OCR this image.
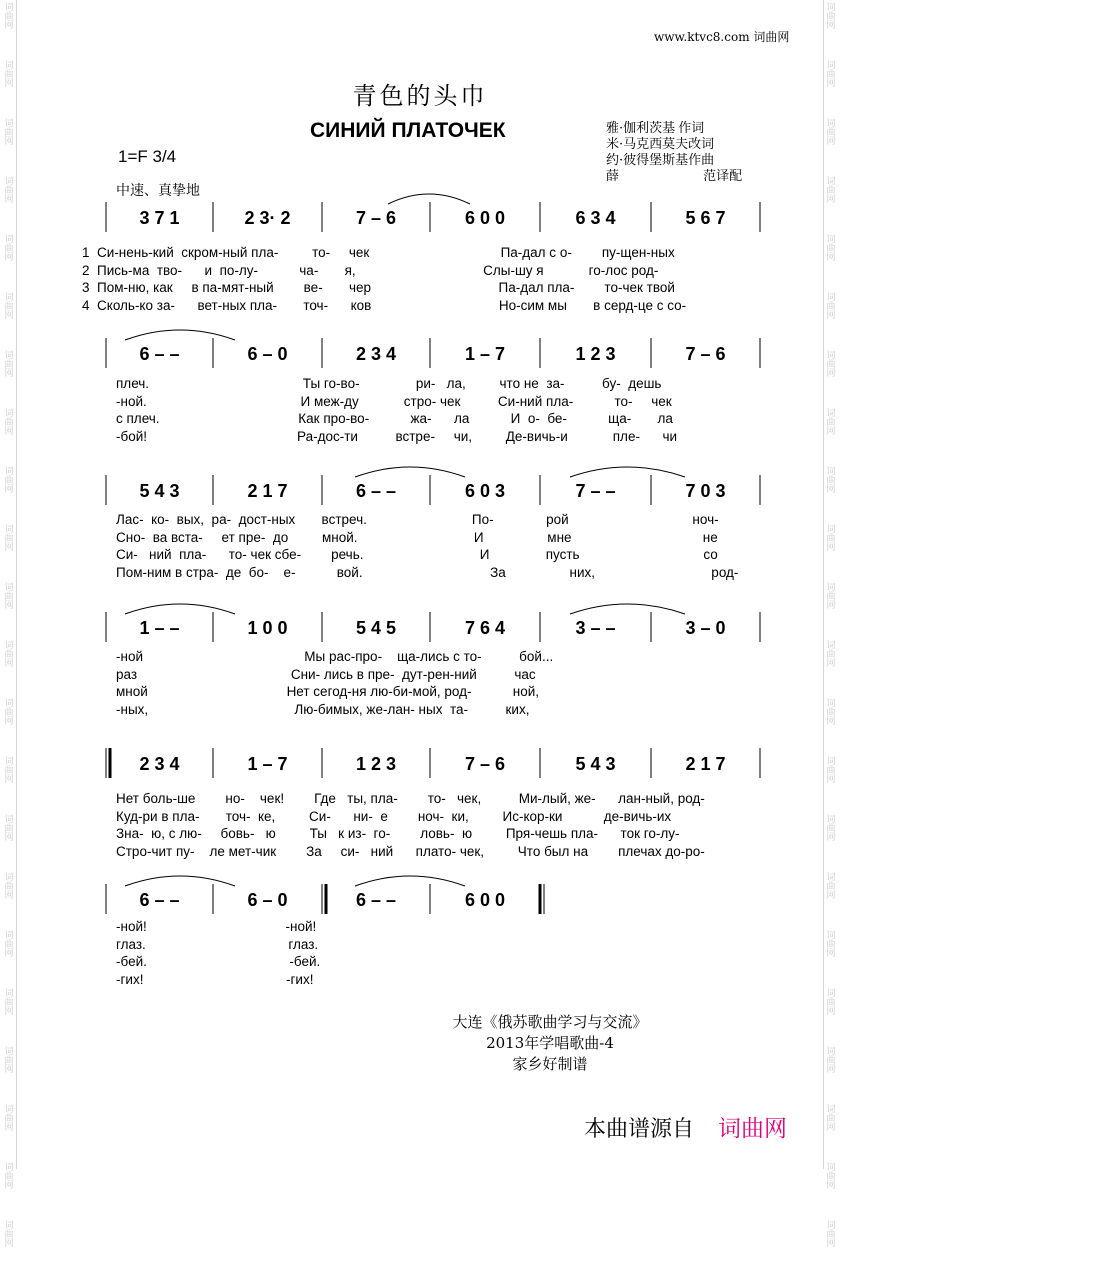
词曲网
词曲网
词曲网
词曲网
词曲网
词曲网
词曲网
词曲网
词曲网
词曲网
词曲网
词曲网
词曲网
词曲网
词曲网
词曲网
词曲网
词曲网
词曲网
词曲网
词曲网
词曲网
词曲网
词曲网
词曲网
词曲网
词曲网
词曲网
词曲网
词曲网
词曲网
词曲网
词曲网
词曲网
词曲网
词曲网
词曲网
词曲网
词曲网
词曲网
词曲网
词曲网
词曲网
词曲网
www.ktvc8.com 词曲网
青色的头巾
СИНИЙ ПЛАТОЧЕК
1=F 3/4
中速、真挚地
雅·伽利茨基 作词
米·马克西莫夫改词
约·彼得堡斯基作曲
薛	范译配
3 7 1	2 3· 2	7 – 6	6 0 0	6 3 4	5 6 7
1  Си-нень-кий  скром-ный пла-         то-     чек                                   Па-дал с о-        пу-щен-ных
2  Пись-ма  тво-      и  по-лу-           ча-       я,                                  Слы-шу я            го-лос род-
3  Пом-ню, как     в па-мят-ный        ве-       чер                                  Па-дал пла-        то-чек твой
4  Сколь-ко за-      вет-ных пла-       точ-      ков                                  Но-сим мы       в серд-це с со-
6 – –	6 – 0	2 3 4	1 – 7	1 2 3	7 – 6
плеч.                                         Ты го-во-               ри-   ла,         что не  за-          бу-  дешь
-ной.                                         И меж-ду            стро- чек          Си-ний пла-           то-     чек
с плеч.                                     Как про-во-           жа-      ла           И  о-  бе-           ща-       ла
-бой!                                        Ра-дос-ти          встре-     чи,         Де-вичь-и            пле-      чи
5 4 3	2 1 7	6 – –	6 0 3	7 – –	7 0 3
Лас-  ко-  вых,  ра-  дост-ных       встреч.                            По-              рой                                 ноч-
Сно-  ва вста-     ет пре-  до         мной.                               И                 мне                                   не
Си-   ний  пла-      то- чек сбе-        речь.                               И               пусть                                 со
Пом-ним в стра-  де  бо-    е-           вой.                                  За                 них,                               род-
1 – –	1 0 0	5 4 5	7 6 4	3 – –	3 – 0
-ной                                           Мы рас-про-    ща-лись с то-          бой...
раз                                         Сни- лись в пре-  дут-рен-ний          час
мной                                     Нет сегод-ня лю-би-мой, род-           ной,
-ных,                                       Лю-бимых, же-лан- ных  та-          ких,
2 3 4	1 – 7	1 2 3	7 – 6	5 4 3	2 1 7
Нет боль-ше        но-    чек!        Где   ты, пла-        то-   чек,          Ми-лый, же-      лан-ный, род-
Куд-ри в пла-       точ-  ке,         Си-      ни-  е        ноч-  ки,         Ис-кор-ки           де-вичь-их
Зна-  ю, с лю-     бовь-   ю         Ты   к из-  го-        ловь-  ю         Пря-чешь пла-      ток го-лу-
Стро-чит пу-    ле мет-чик        За     си-   ний      плато- чек,         Что был на        плечах до-ро-
6 – –	6 – 0	6 – –	6 0 0
-ной!                                     -ной!
глаз.                                      глаз.
-бей.                                      -бей.
-гих!                                      -гих!
大连《俄苏歌曲学习与交流》
2013年学唱歌曲-4
家乡好制谱
本曲谱源自 词曲网
